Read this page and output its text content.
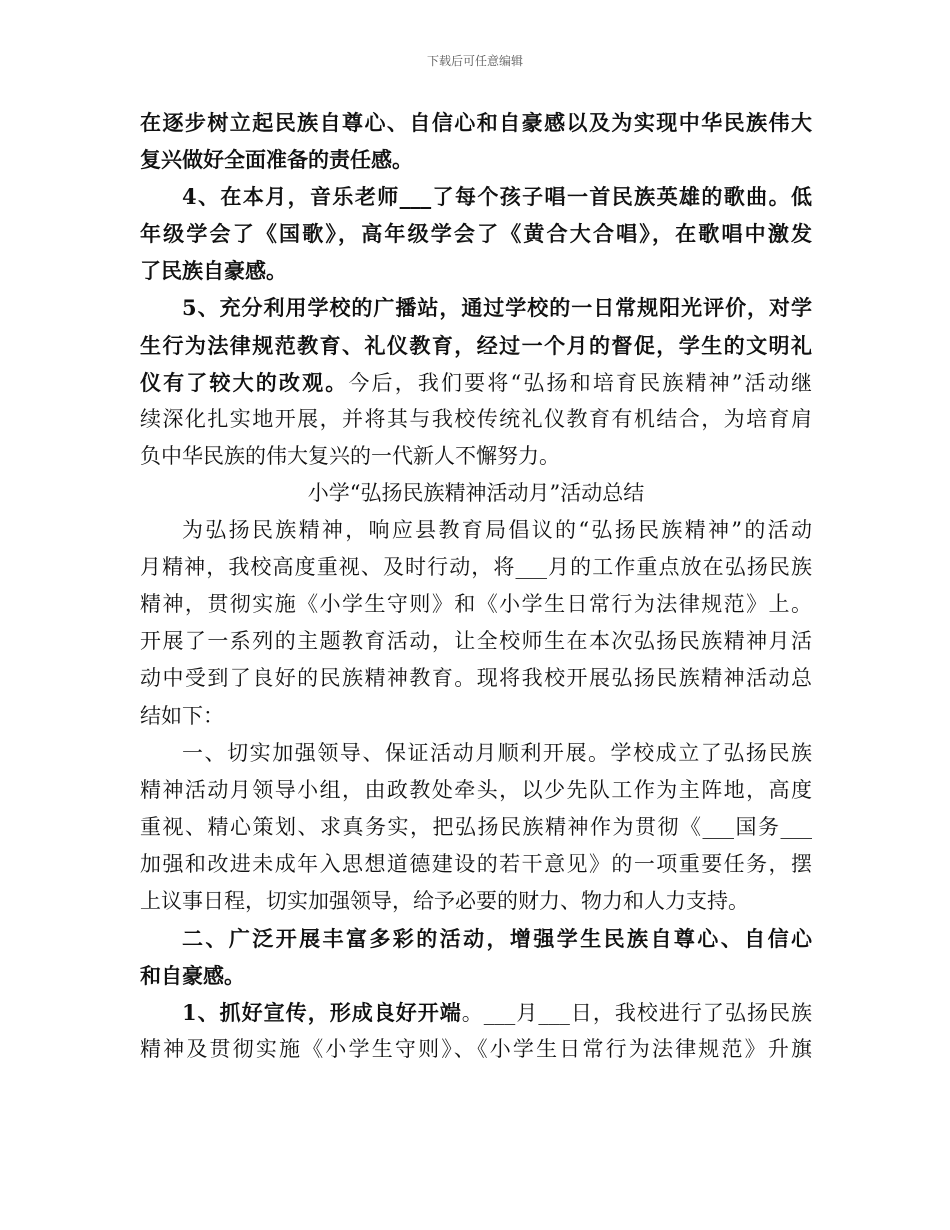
下载后可任意编辑
在逐步树立起民族自尊心、自信心和自豪感以及为实现中华民族伟大
复兴做好全面准备的责任感。
4、在本月，音乐老师___了每个孩子唱一首民族英雄的歌曲。低
年级学会了《国歌》，高年级学会了《黄合大合唱》，在歌唱中激发
了民族自豪感。
5、充分利用学校的广播站，通过学校的一日常规阳光评价，对学
生行为法律规范教育、礼仪教育，经过一个月的督促，学生的文明礼
仪有了较大的改观。今后，我们要将“弘扬和培育民族精神”活动继
续深化扎实地开展，并将其与我校传统礼仪教育有机结合，为培育肩
负中华民族的伟大复兴的一代新人不懈努力。
小学“弘扬民族精神活动月”活动总结
为弘扬民族精神，响应县教育局倡议的“弘扬民族精神”的活动
月精神，我校高度重视、及时行动，将___月的工作重点放在弘扬民族
精神，贯彻实施《小学生守则》和《小学生日常行为法律规范》上。
开展了一系列的主题教育活动，让全校师生在本次弘扬民族精神月活
动中受到了良好的民族精神教育。现将我校开展弘扬民族精神活动总
结如下：
一、切实加强领导、保证活动月顺利开展。学校成立了弘扬民族
精神活动月领导小组，由政教处牵头，以少先队工作为主阵地，高度
重视、精心策划、求真务实，把弘扬民族精神作为贯彻《___国务___
加强和改进未成年入思想道德建设的若干意见》的一项重要任务，摆
上议事日程，切实加强领导，给予必要的财力、物力和人力支持。
二、广泛开展丰富多彩的活动，增强学生民族自尊心、自信心
和自豪感。
1、抓好宣传，形成良好开端。___月___日，我校进行了弘扬民族
精神及贯彻实施《小学生守则》、《小学生日常行为法律规范》升旗
